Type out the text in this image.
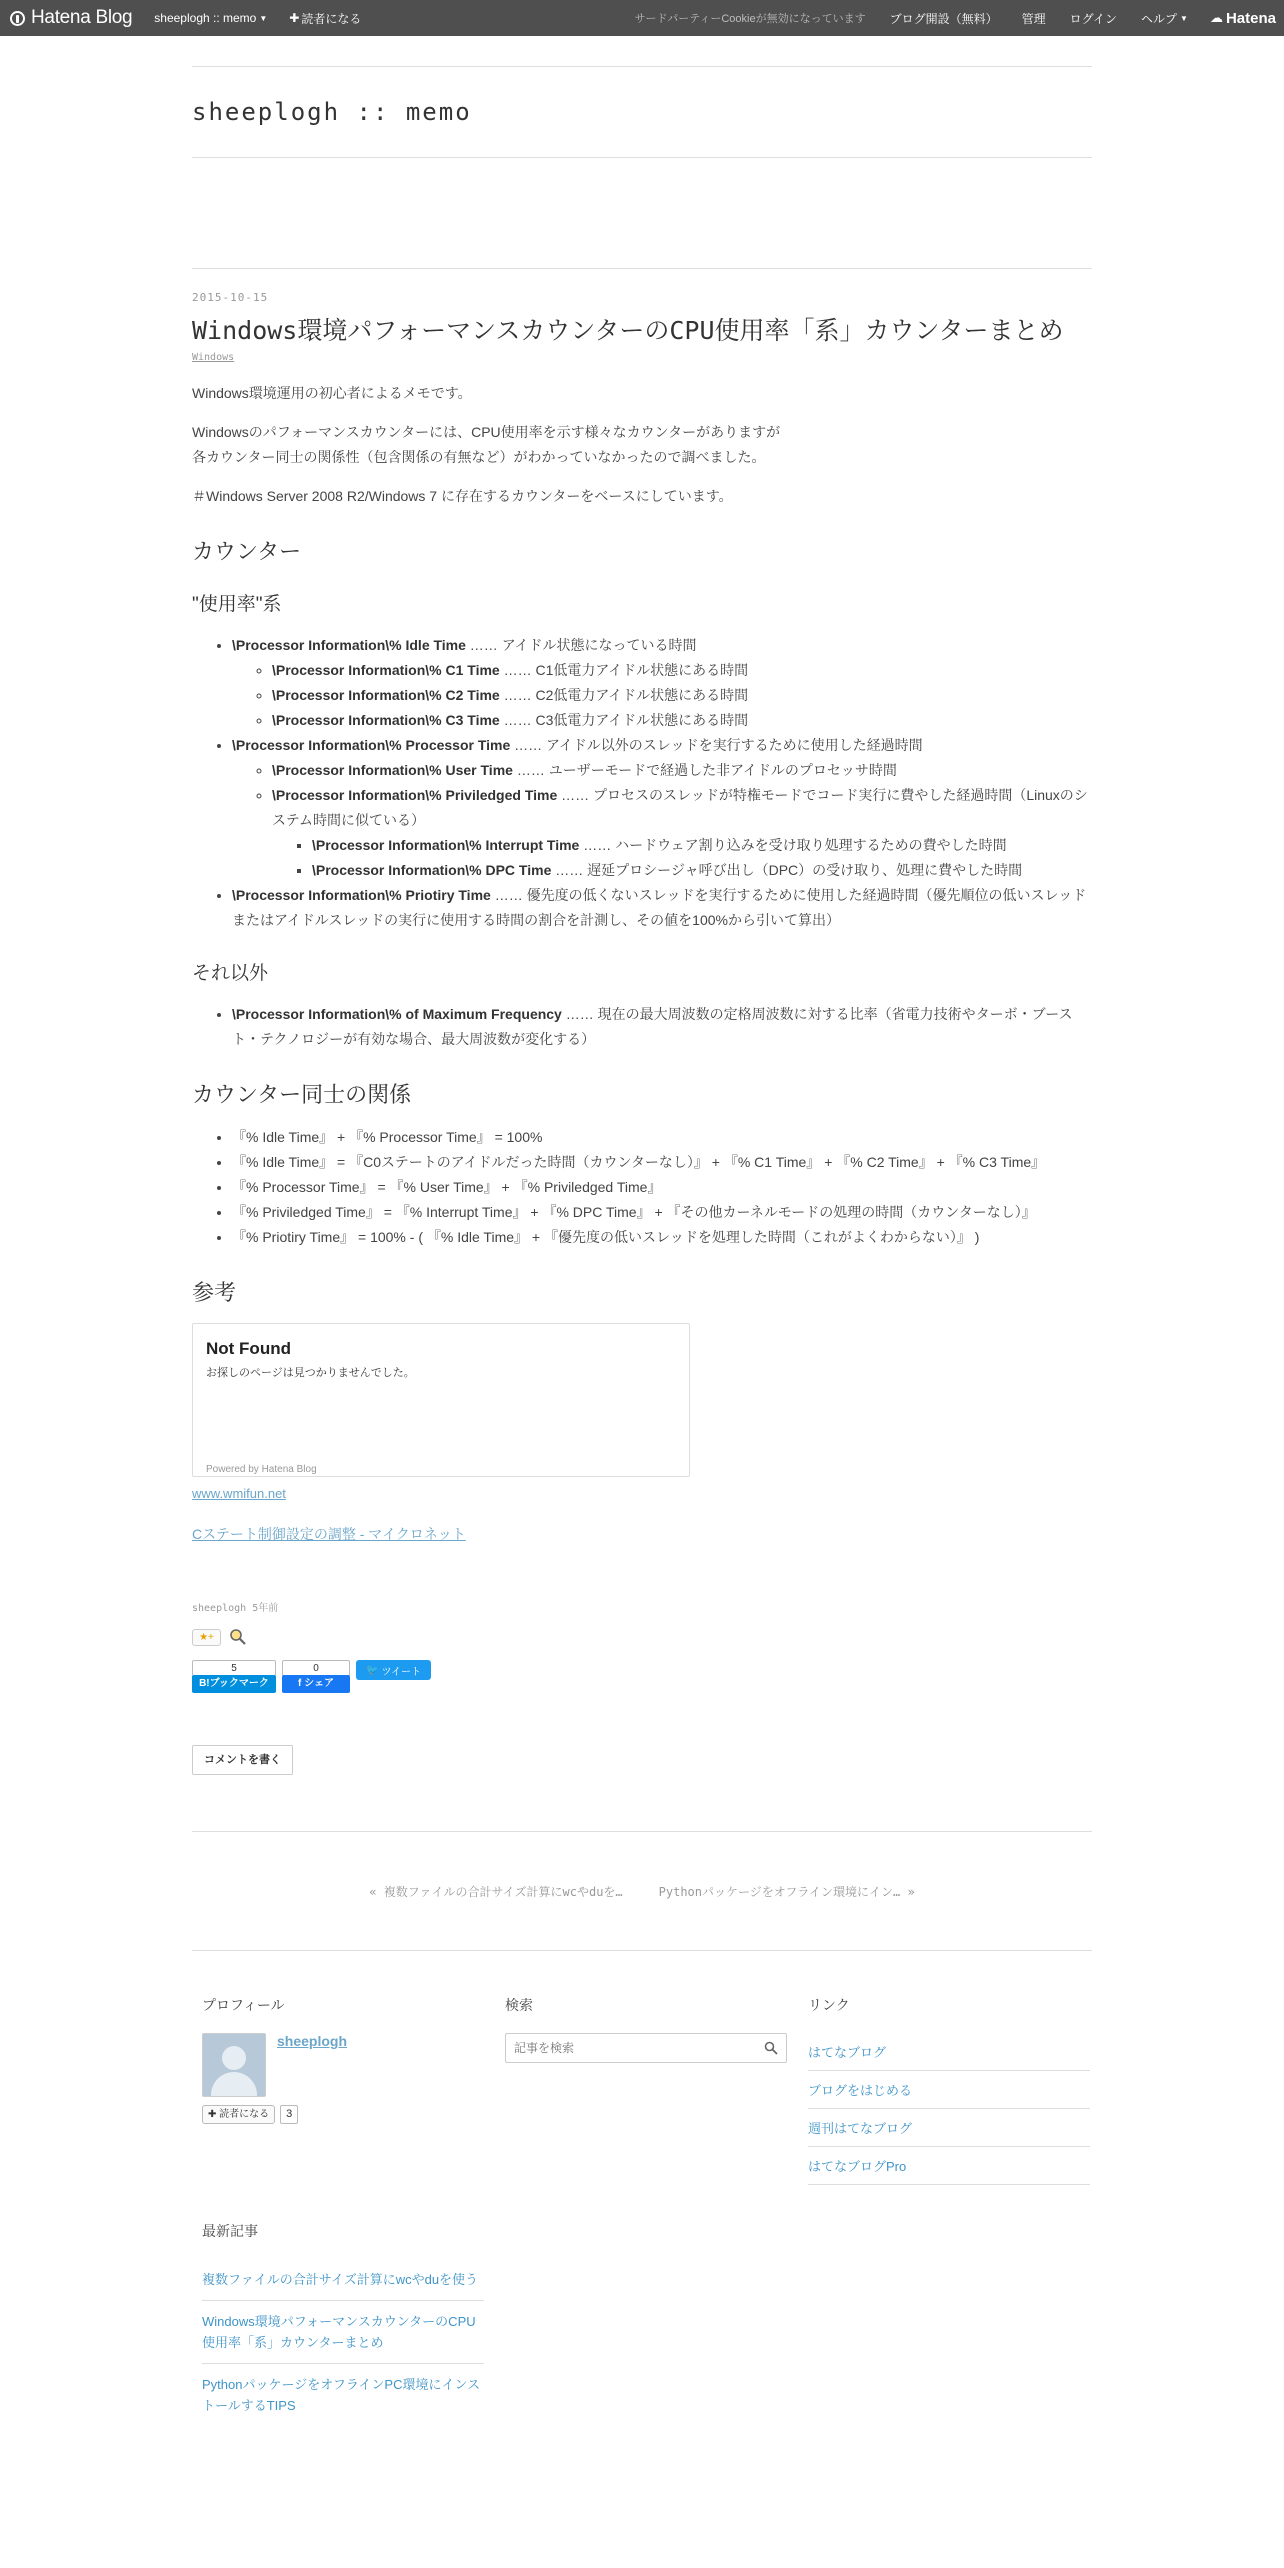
Hatena Blog sheeplogh :: memo ▼ ✚ 読者になる	サードパーティーCookieが無効になっています ブログ開設（無料） 管理 ログイン ヘルプ ▼ ☁ Hatena
sheeplogh :: memo
2015-10-15
Windows環境パフォーマンスカウンターのCPU使用率「系」カウンターまとめ
Windows

Windows環境運用の初心者によるメモです。

Windowsのパフォーマンスカウンターには、CPU使用率を示す様々なカウンターがありますが
各カウンター同士の関係性（包含関係の有無など）がわかっていなかったので調べました。

＃Windows Server 2008 R2/Windows 7 に存在するカウンターをベースにしています。

カウンター
"使用率"系
• \Processor Information\% Idle Time …… アイドル状態になっている時間
◦ \Processor Information\% C1 Time …… C1低電力アイドル状態にある時間
◦ \Processor Information\% C2 Time …… C2低電力アイドル状態にある時間
◦ \Processor Information\% C3 Time …… C3低電力アイドル状態にある時間
• \Processor Information\% Processor Time …… アイドル以外のスレッドを実行するために使用した経過時間
◦ \Processor Information\% User Time …… ユーザーモードで経過した非アイドルのプロセッサ時間
◦ \Processor Information\% Priviledged Time …… プロセスのスレッドが特権モードでコード実行に費やした経過時間（Linuxのシステム時間に似ている）
▪ \Processor Information\% Interrupt Time …… ハードウェア割り込みを受け取り処理するための費やした時間
▪ \Processor Information\% DPC Time …… 遅延プロシージャ呼び出し（DPC）の受け取り、処理に費やした時間
• \Processor Information\% Priotiry Time …… 優先度の低くないスレッドを実行するために使用した経過時間（優先順位の低いスレッドまたはアイドルスレッドの実行に使用する時間の割合を計測し、その値を100%から引いて算出）
それ以外
• \Processor Information\% of Maximum Frequency …… 現在の最大周波数の定格周波数に対する比率（省電力技術やターボ・ブースト・テクノロジーが有効な場合、最大周波数が変化する）
カウンター同士の関係
• 『% Idle Time』 + 『% Processor Time』 = 100%
• 『% Idle Time』 = 『C0ステートのアイドルだった時間（カウンターなし）』 + 『% C1 Time』 + 『% C2 Time』 + 『% C3 Time』
• 『% Processor Time』 = 『% User Time』 + 『% Priviledged Time』
• 『% Priviledged Time』 = 『% Interrupt Time』 + 『% DPC Time』 + 『その他カーネルモードの処理の時間（カウンターなし）』
• 『% Priotiry Time』 = 100% - ( 『% Idle Time』 + 『優先度の低いスレッドを処理した時間（これがよくわからない）』 )
参考
Not Found
お探しのページは見つかりませんでした。
Powered by Hatena Blog
www.wmifun.net
Cステート制御設定の調整 - マイクロネット
sheeplogh 5年前
★+
5
B!ブックマーク
0
f シェア
🐦 ツイート
コメントを書く
« 複数ファイルの合計サイズ計算にwcやduを…	Pythonパッケージをオフライン環境にイン… »
プロフィール
sheeplogh
✚ 読者になる	3
検索
記事を検索	リンク
はてなブログ
ブログをはじめる
週刊はてなブログ
はてなブログPro
最新記事
複数ファイルの合計サイズ計算にwcやduを使う
Windows環境パフォーマンスカウンターのCPU使用率「系」カウンターまとめ
PythonパッケージをオフラインPC環境にインストールするTIPS
